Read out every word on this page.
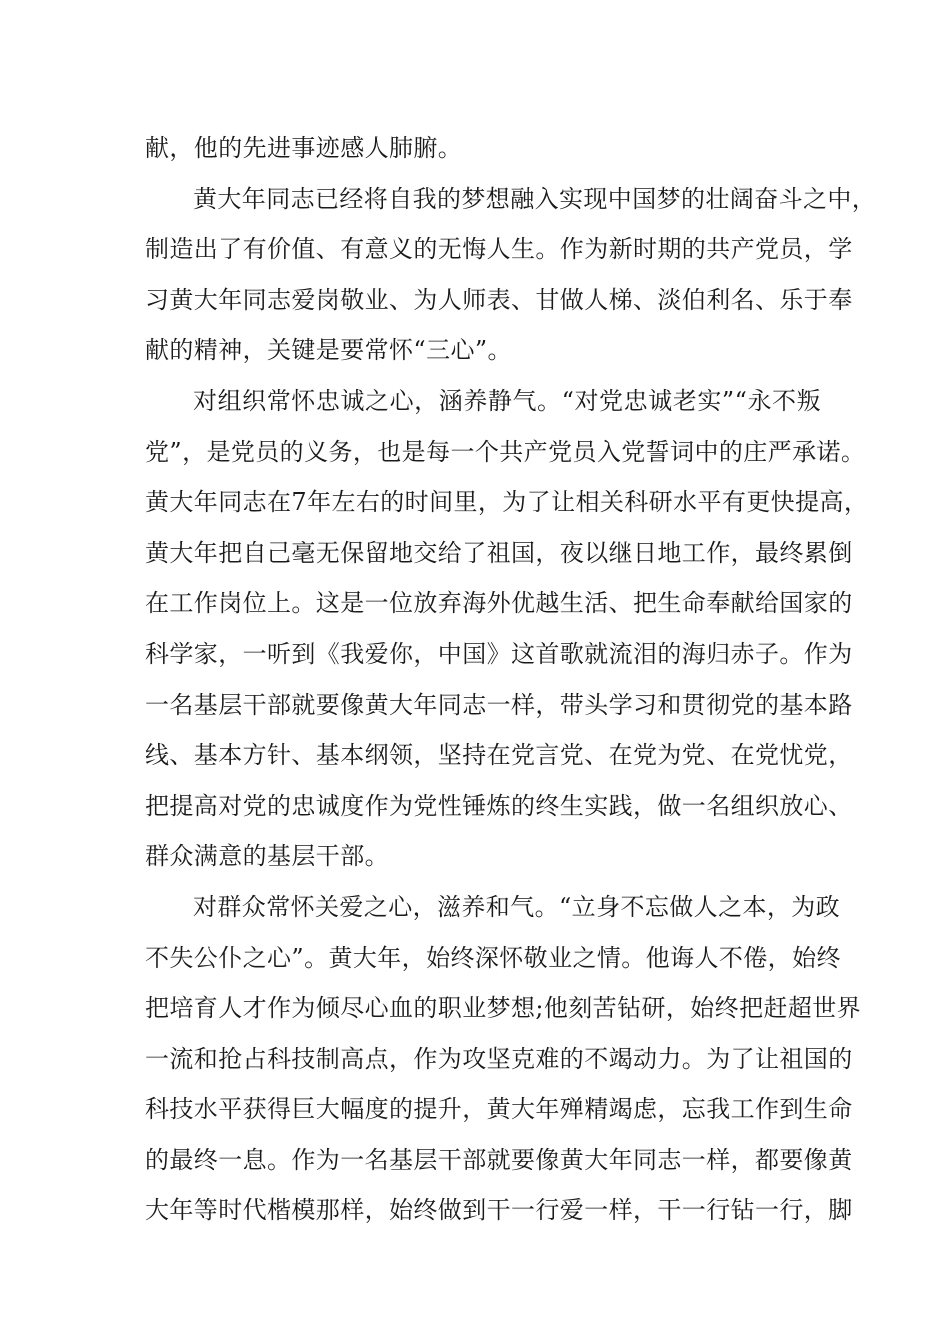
献，他的先进事迹感人肺腑。
黄大年同志已经将自我的梦想融入实现中国梦的壮阔奋斗之中，
制造出了有价值、有意义的无悔人生。作为新时期的共产党员，学
习黄大年同志爱岗敬业、为人师表、甘做人梯、淡伯利名、乐于奉
献的精神，关键是要常怀“三心”。
对组织常怀忠诚之心，涵养静气。“对党忠诚老实”“永不叛
党”，是党员的义务，也是每一个共产党员入党誓词中的庄严承诺。
黄大年同志在7年左右的时间里，为了让相关科研水平有更快提高，
黄大年把自己毫无保留地交给了祖国，夜以继日地工作，最终累倒
在工作岗位上。这是一位放弃海外优越生活、把生命奉献给国家的
科学家，一听到《我爱你，中国》这首歌就流泪的海归赤子。作为
一名基层干部就要像黄大年同志一样，带头学习和贯彻党的基本路
线、基本方针、基本纲领，坚持在党言党、在党为党、在党忧党，
把提高对党的忠诚度作为党性锤炼的终生实践，做一名组织放心、
群众满意的基层干部。
对群众常怀关爱之心，滋养和气。“立身不忘做人之本，为政
不失公仆之心”。黄大年，始终深怀敬业之情。他诲人不倦，始终
把培育人才作为倾尽心血的职业梦想;他刻苦钻研，始终把赶超世界
一流和抢占科技制高点，作为攻坚克难的不竭动力。为了让祖国的
科技水平获得巨大幅度的提升，黄大年殚精竭虑，忘我工作到生命
的最终一息。作为一名基层干部就要像黄大年同志一样，都要像黄
大年等时代楷模那样，始终做到干一行爱一样，干一行钻一行，脚
